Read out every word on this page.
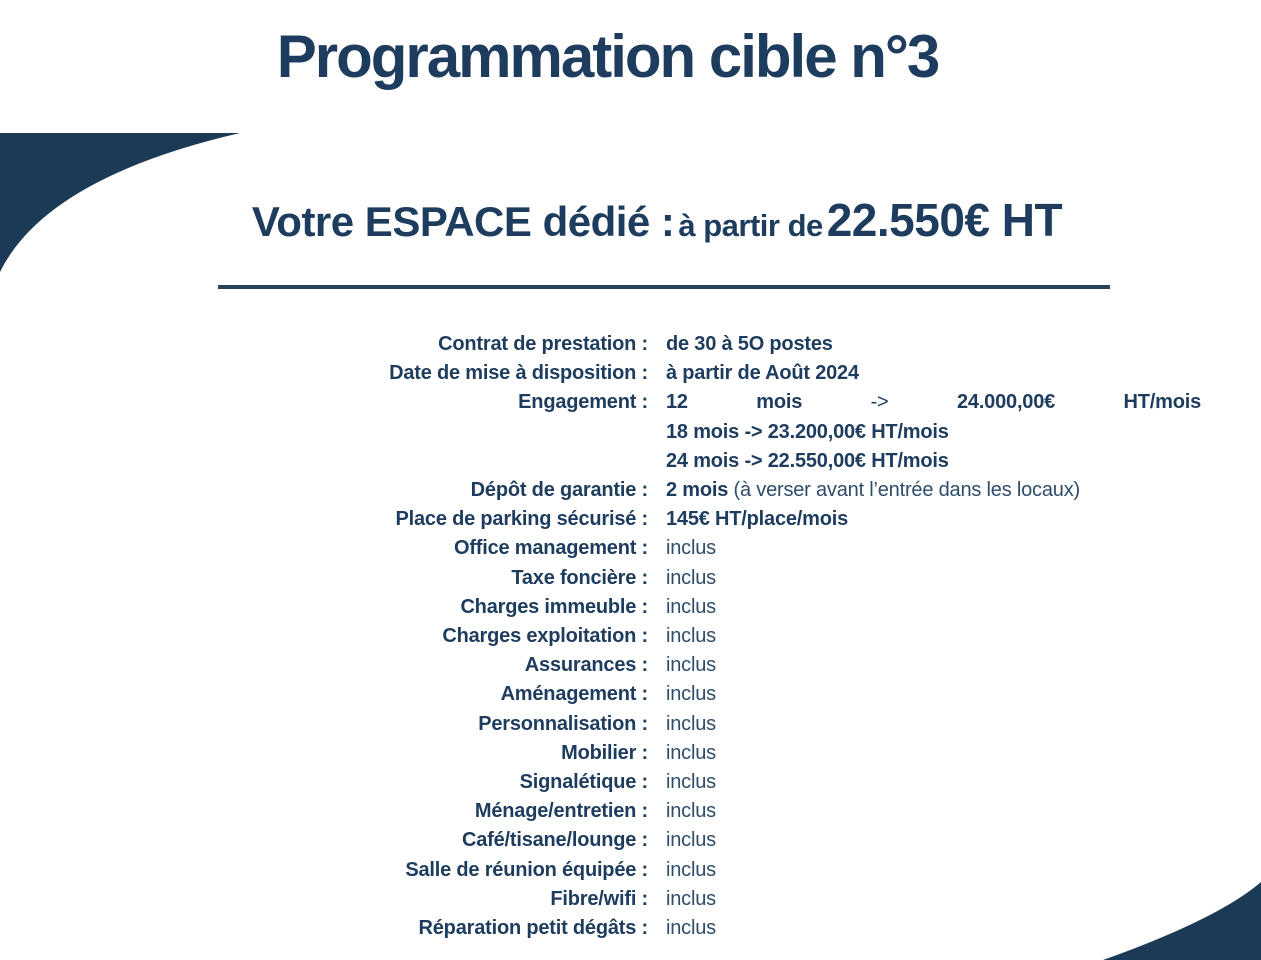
Programmation cible n°3
Votre ESPACE dédié : à partir de 22.550€ HT
Contrat de prestation : de 30 à 5O postes
Date de mise à disposition : à partir de Août 2024
Engagement : 12	mois	->	24.000,00€	HT/mois
18 mois -> 23.200,00€ HT/mois
24 mois -> 22.550,00€ HT/mois
Dépôt de garantie : 2 mois (à verser avant l’entrée dans les locaux)
Place de parking sécurisé : 145€ HT/place/mois
Office management : inclus
Taxe foncière : inclus
Charges immeuble : inclus
Charges exploitation : inclus
Assurances : inclus
Aménagement : inclus
Personnalisation : inclus
Mobilier : inclus
Signalétique : inclus
Ménage/entretien : inclus
Café/tisane/lounge : inclus
Salle de réunion équipée : inclus
Fibre/wifi : inclus
Réparation petit dégâts : inclus
